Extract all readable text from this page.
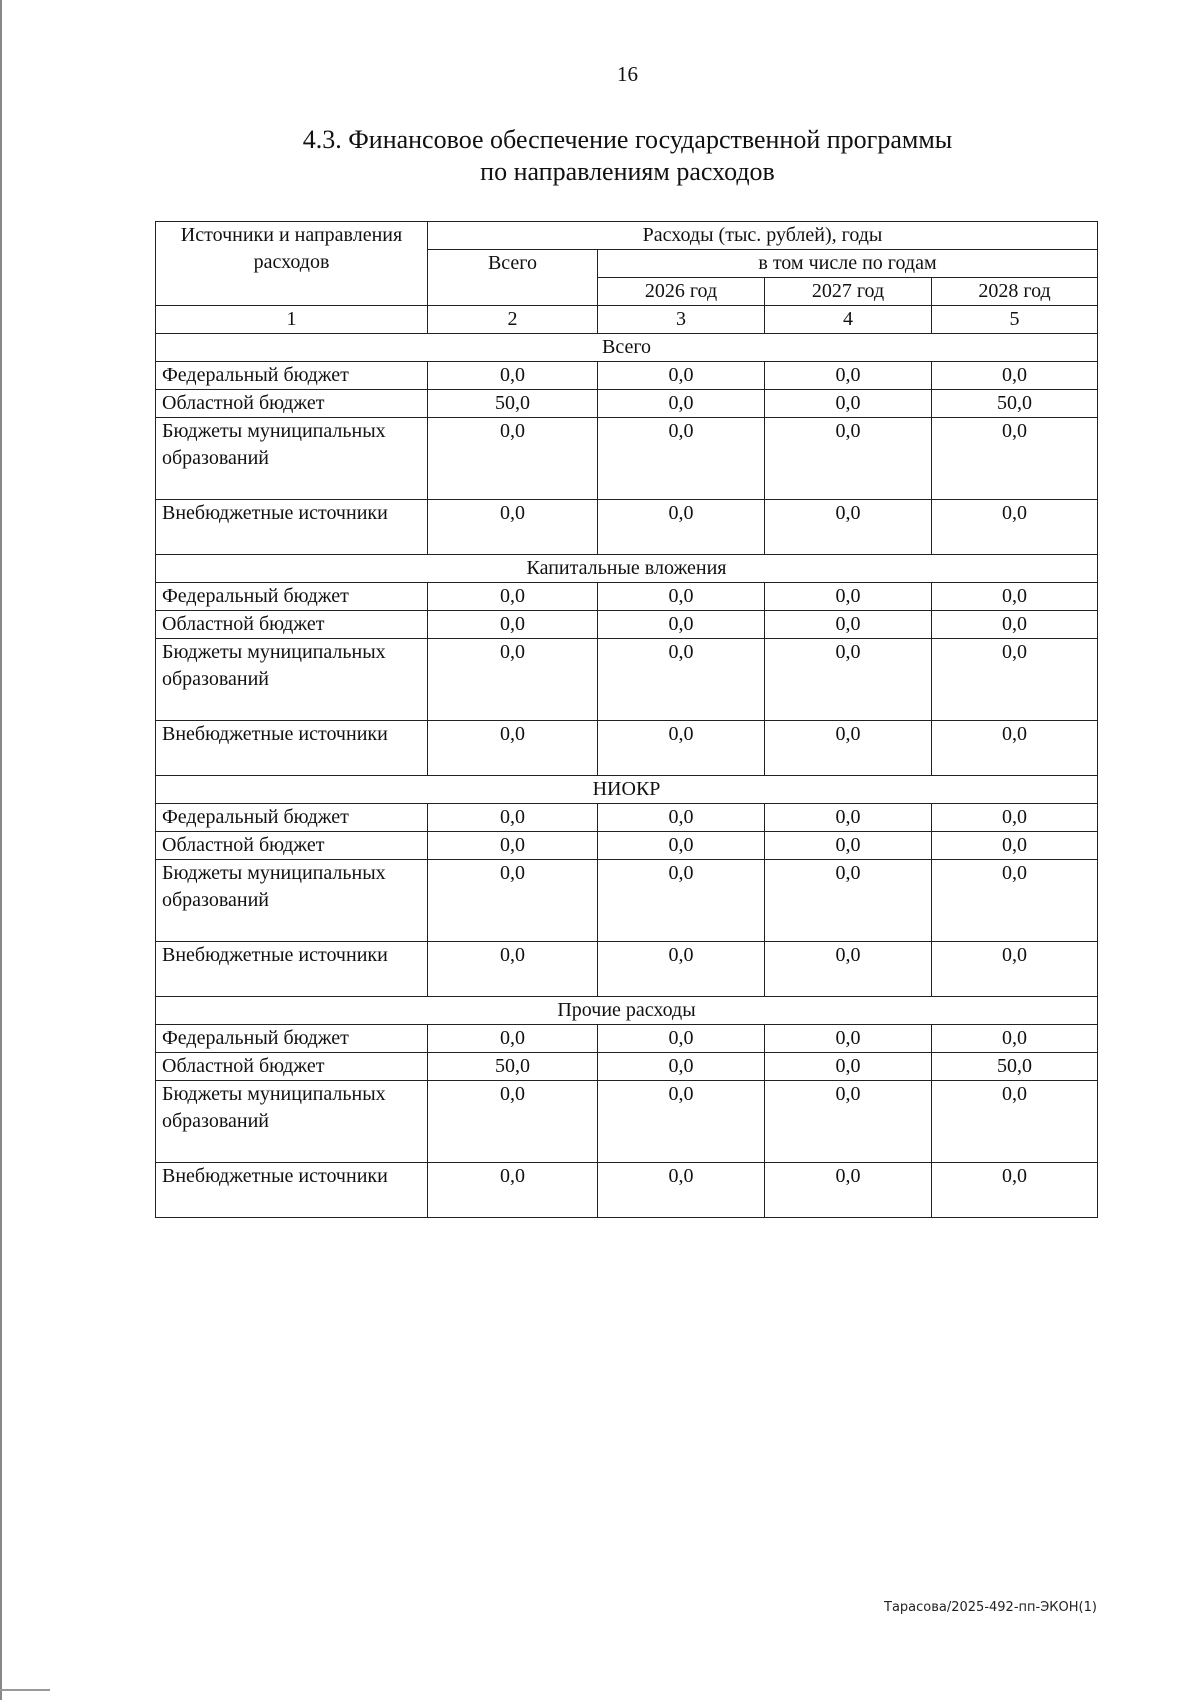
16
4.3. Финансовое обеспечение государственной программы
по направлениям расходов
Источники и направления расходов	Расходы (тыс. рублей), годы			
	Всего	в том числе по годам		
		2026 год	2027 год	2028 год
1	2	3	4	5
Всего				
Федеральный бюджет	0,0	0,0	0,0	0,0
Областной бюджет	50,0	0,0	0,0	50,0
Бюджеты муниципальных образований	0,0	0,0	0,0	0,0
Внебюджетные источники	0,0	0,0	0,0	0,0
Капитальные вложения				
Федеральный бюджет	0,0	0,0	0,0	0,0
Областной бюджет	0,0	0,0	0,0	0,0
Бюджеты муниципальных образований	0,0	0,0	0,0	0,0
Внебюджетные источники	0,0	0,0	0,0	0,0
НИОКР				
Федеральный бюджет	0,0	0,0	0,0	0,0
Областной бюджет	0,0	0,0	0,0	0,0
Бюджеты муниципальных образований	0,0	0,0	0,0	0,0
Внебюджетные источники	0,0	0,0	0,0	0,0
Прочие расходы				
Федеральный бюджет	0,0	0,0	0,0	0,0
Областной бюджет	50,0	0,0	0,0	50,0
Бюджеты муниципальных образований	0,0	0,0	0,0	0,0
Внебюджетные источники	0,0	0,0	0,0	0,0
Тарасова/2025-492-пп-ЭКОН(1)
